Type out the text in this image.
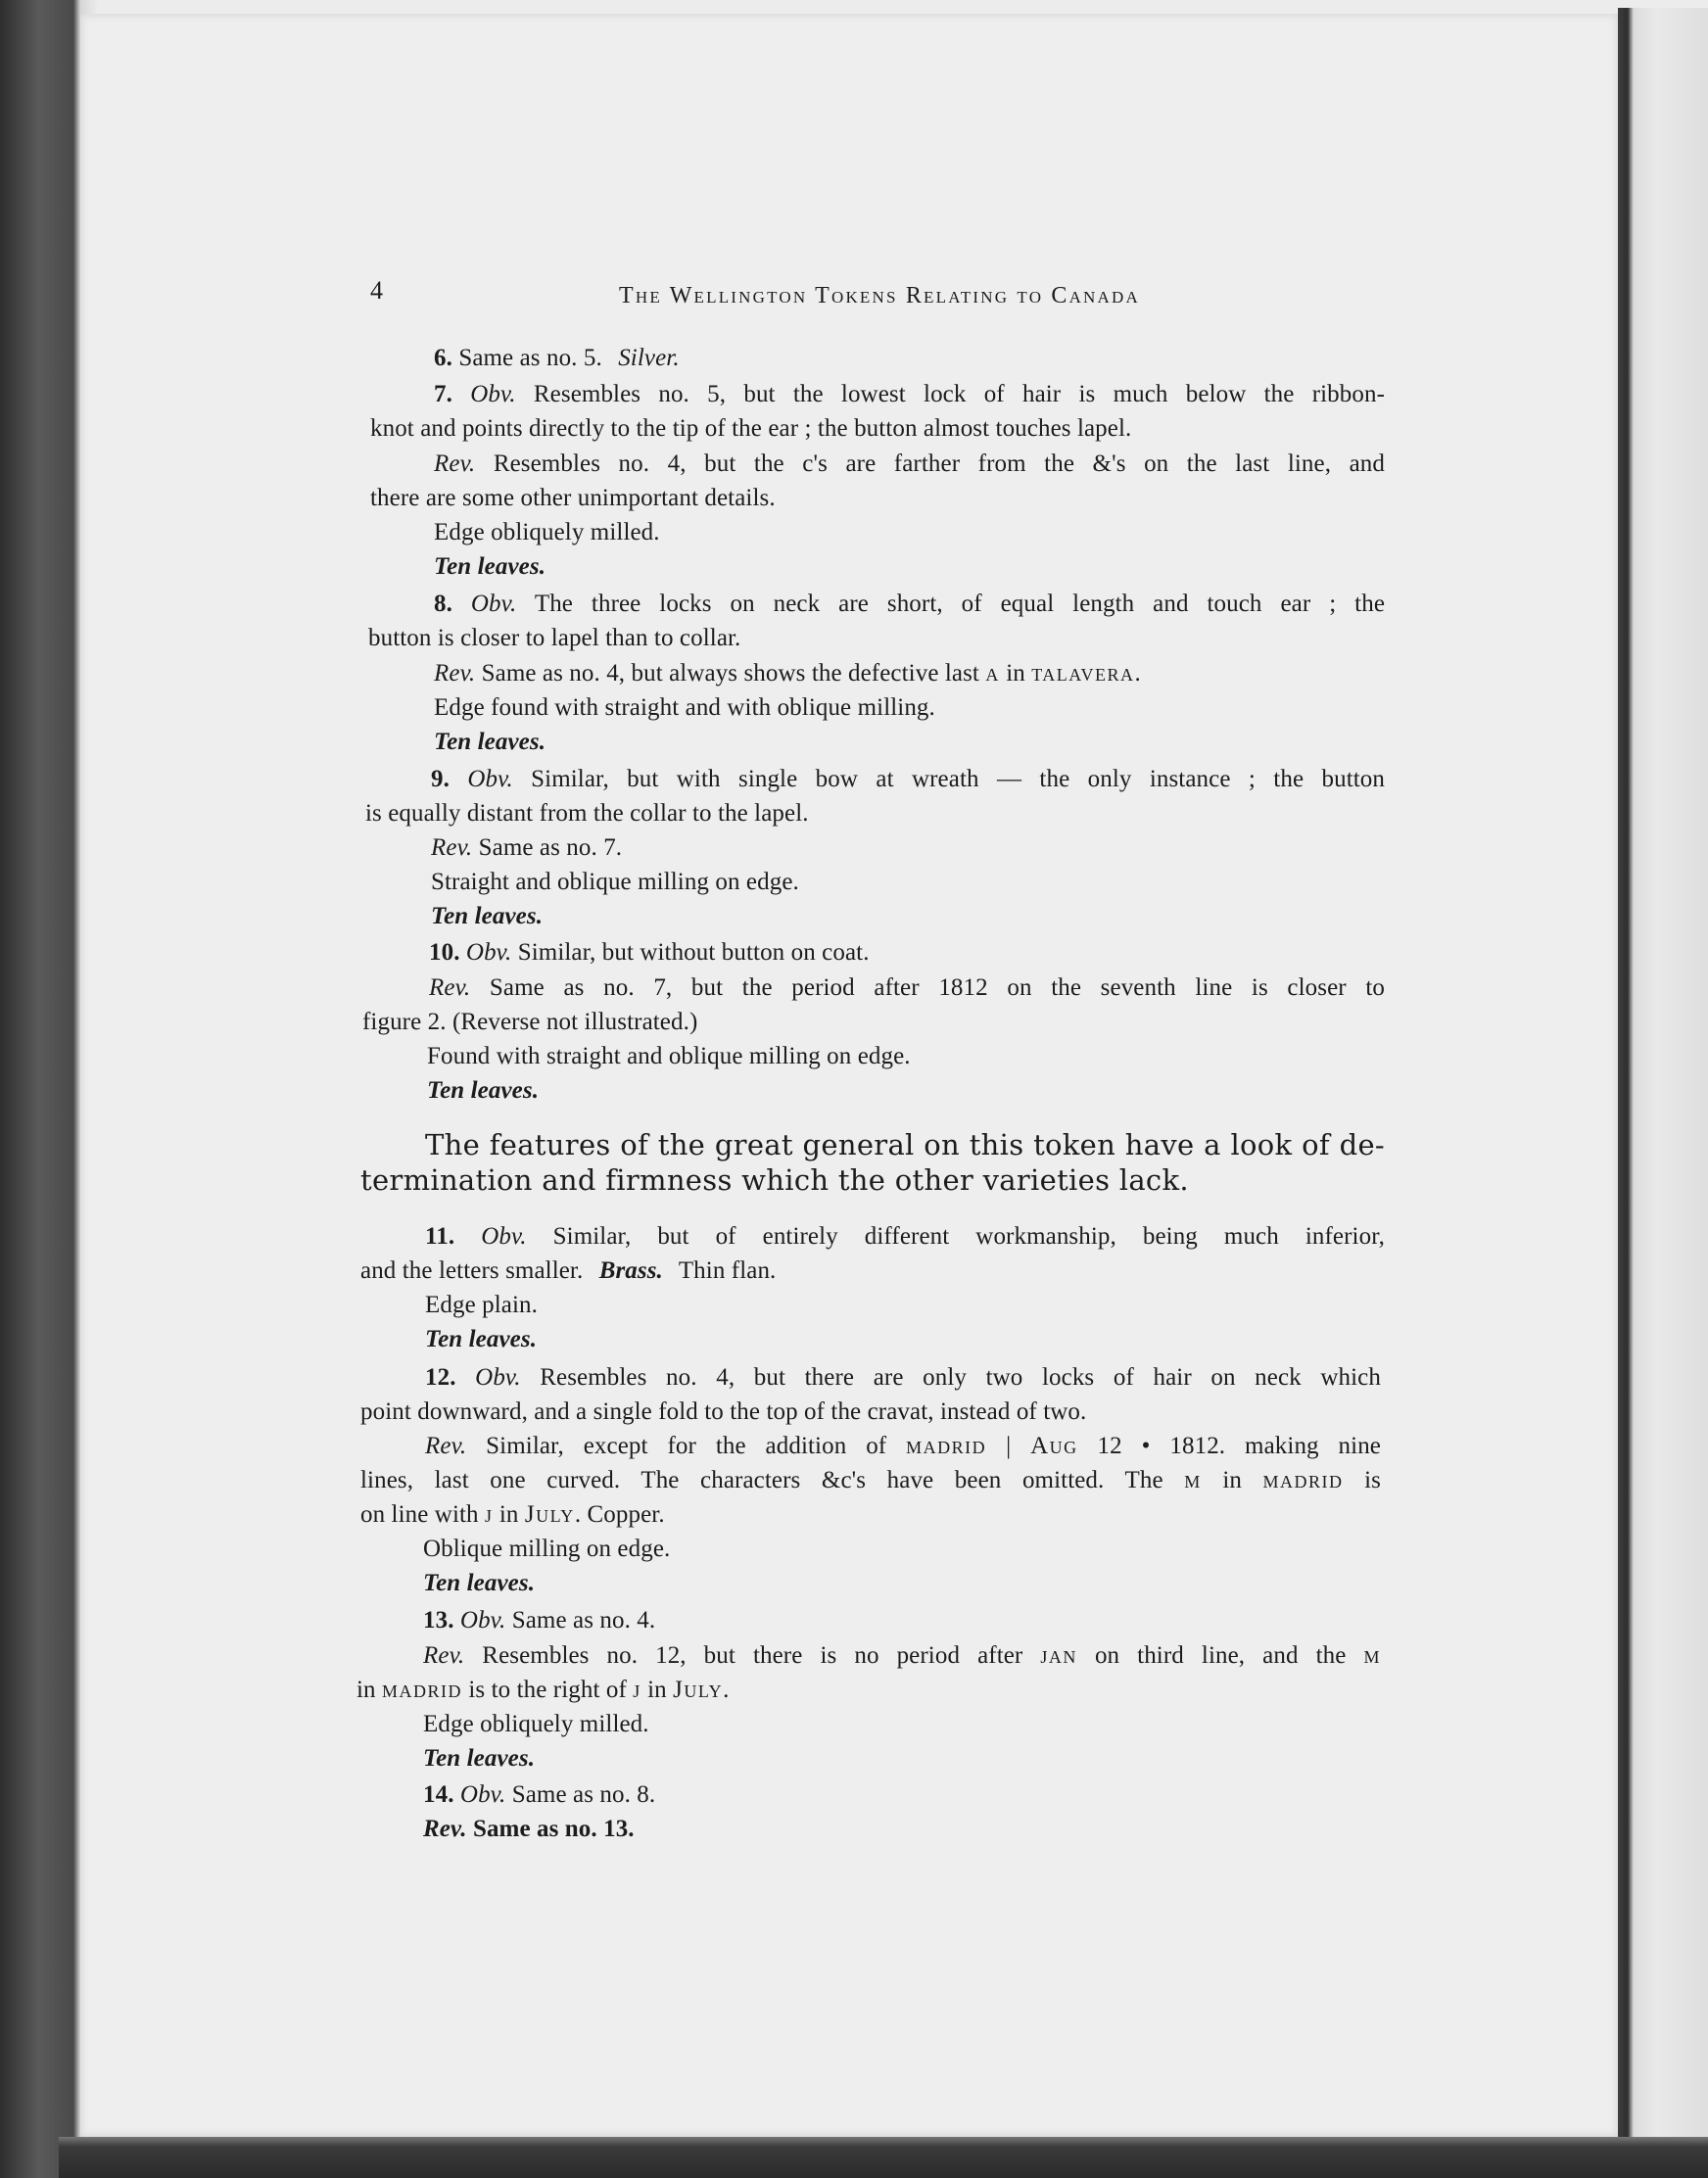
4	The Wellington Tokens Relating to Canada
6. Same as no. 5. Silver.
7. Obv. Resembles no. 5, but the lowest lock of hair is much below the ribbon-
knot and points directly to the tip of the ear ; the button almost touches lapel.
Rev. Resembles no. 4, but the c's are farther from the &'s on the last line, and
there are some other unimportant details.
Edge obliquely milled.
Ten leaves.
8. Obv. The three locks on neck are short, of equal length and touch ear ; the
button is closer to lapel than to collar.
Rev. Same as no. 4, but always shows the defective last a in talavera.
Edge found with straight and with oblique milling.
Ten leaves.
9. Obv. Similar, but with single bow at wreath — the only instance ; the button
is equally distant from the collar to the lapel.
Rev. Same as no. 7.
Straight and oblique milling on edge.
Ten leaves.
10. Obv. Similar, but without button on coat.
Rev. Same as no. 7, but the period after 1812 on the seventh line is closer to
figure 2. (Reverse not illustrated.)
Found with straight and oblique milling on edge.
Ten leaves.
The features of the great general on this token have a look of de-
termination and firmness which the other varieties lack.
11. Obv. Similar, but of entirely different workmanship, being much inferior,
and the letters smaller. Brass. Thin flan.
Edge plain.
Ten leaves.
12. Obv. Resembles no. 4, but there are only two locks of hair on neck which
point downward, and a single fold to the top of the cravat, instead of two.
Rev. Similar, except for the addition of madrid | Aug 12 • 1812. making nine
lines, last one curved. The characters &c's have been omitted. The m in madrid is
on line with j in July. Copper.
Oblique milling on edge.
Ten leaves.
13. Obv. Same as no. 4.
Rev. Resembles no. 12, but there is no period after jan on third line, and the m
in madrid is to the right of j in July.
Edge obliquely milled.
Ten leaves.
14. Obv. Same as no. 8.
Rev. Same as no. 13.
